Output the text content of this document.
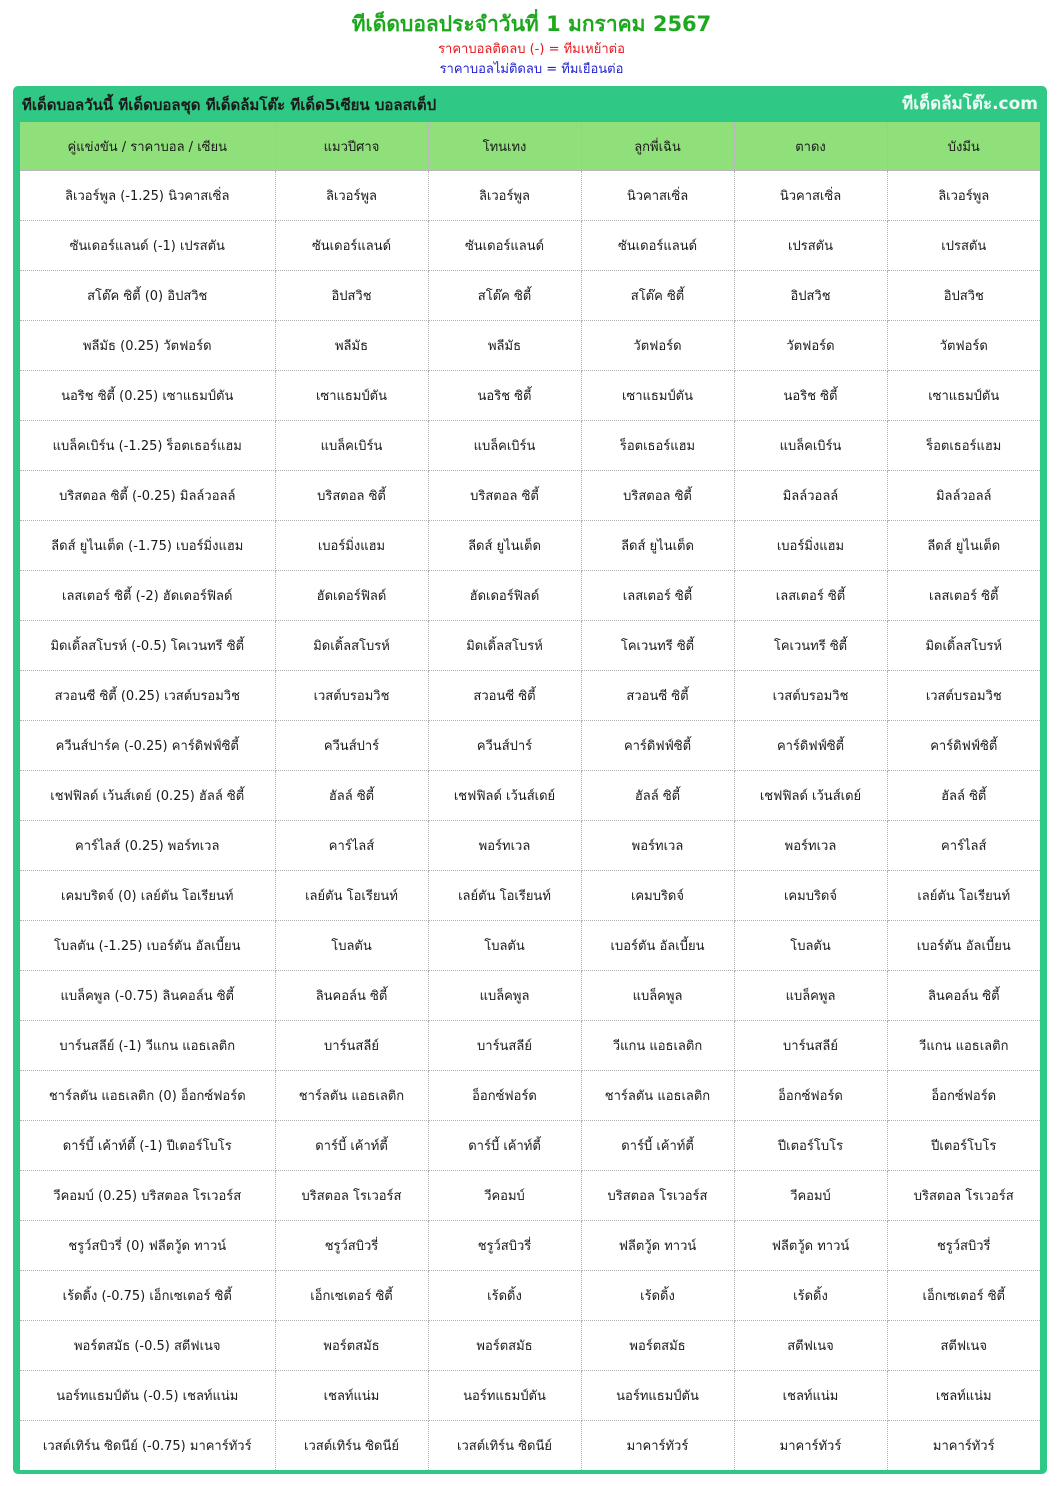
ทีเด็ดบอลประจำวันที่ 1 มกราคม 2567
ราคาบอลติดลบ (-) = ทีมเหย้าต่อ
ราคาบอลไม่ติดลบ = ทีมเยือนต่อ
ทีเด็ดบอลวันนี้ ทีเด็ดบอลชุด ทีเด็ดล้มโต๊ะ ทีเด็ด5เซียน บอลสเต็ป	ทีเด็ดล้มโต๊ะ.com
คู่แข่งขัน / ราคาบอล / เซียน	แมวปีศาจ	โทนเทง	ลูกพี่เฉิน	ตาดง	บังมีน
ลิเวอร์พูล (-1.25) นิวคาสเซิ่ล	ลิเวอร์พูล	ลิเวอร์พูล	นิวคาสเซิ่ล	นิวคาสเซิ่ล	ลิเวอร์พูล
ซันเดอร์แลนด์ (-1) เปรสตัน	ซันเดอร์แลนด์	ซันเดอร์แลนด์	ซันเดอร์แลนด์	เปรสตัน	เปรสตัน
สโต๊ค ซิตี้ (0) อิปสวิช	อิปสวิช	สโต๊ค ซิตี้	สโต๊ค ซิตี้	อิปสวิช	อิปสวิช
พลีมัธ (0.25) วัตฟอร์ด	พลีมัธ	พลีมัธ	วัตฟอร์ด	วัตฟอร์ด	วัตฟอร์ด
นอริช ซิตี้ (0.25) เซาแธมป์ตัน	เซาแธมป์ตัน	นอริช ซิตี้	เซาแธมป์ตัน	นอริช ซิตี้	เซาแธมป์ตัน
แบล็คเบิร์น (-1.25) ร็อตเธอร์แฮม	แบล็คเบิร์น	แบล็คเบิร์น	ร็อตเธอร์แฮม	แบล็คเบิร์น	ร็อตเธอร์แฮม
บริสตอล ซิตี้ (-0.25) มิลล์วอลล์	บริสตอล ซิตี้	บริสตอล ซิตี้	บริสตอล ซิตี้	มิลล์วอลล์	มิลล์วอลล์
ลีดส์ ยูไนเต็ด (-1.75) เบอร์มิ่งแฮม	เบอร์มิ่งแฮม	ลีดส์ ยูไนเต็ด	ลีดส์ ยูไนเต็ด	เบอร์มิ่งแฮม	ลีดส์ ยูไนเต็ด
เลสเตอร์ ซิตี้ (-2) ฮัดเดอร์ฟิลด์	ฮัดเดอร์ฟิลด์	ฮัดเดอร์ฟิลด์	เลสเตอร์ ซิตี้	เลสเตอร์ ซิตี้	เลสเตอร์ ซิตี้
มิดเดิ้ลสโบรห์ (-0.5) โคเวนทรี ซิตี้	มิดเดิ้ลสโบรห์	มิดเดิ้ลสโบรห์	โคเวนทรี ซิตี้	โคเวนทรี ซิตี้	มิดเดิ้ลสโบรห์
สวอนซี ซิตี้ (0.25) เวสต์บรอมวิช	เวสต์บรอมวิช	สวอนซี ซิตี้	สวอนซี ซิตี้	เวสต์บรอมวิช	เวสต์บรอมวิช
ควีนส์ปาร์ค (-0.25) คาร์ดิฟฟ์ซิตี้	ควีนส์ปาร์	ควีนส์ปาร์	คาร์ดิฟฟ์ซิตี้	คาร์ดิฟฟ์ซิตี้	คาร์ดิฟฟ์ซิตี้
เชฟฟิลด์ เว้นส์เดย์ (0.25) ฮัลล์ ซิตี้	ฮัลล์ ซิตี้	เชฟฟิลด์ เว้นส์เดย์	ฮัลล์ ซิตี้	เชฟฟิลด์ เว้นส์เดย์	ฮัลล์ ซิตี้
คาร์ไลส์ (0.25) พอร์ทเวล	คาร์ไลส์	พอร์ทเวล	พอร์ทเวล	พอร์ทเวล	คาร์ไลส์
เคมบริดจ์ (0) เลย์ตัน โอเรียนท์	เลย์ตัน โอเรียนท์	เลย์ตัน โอเรียนท์	เคมบริดจ์	เคมบริดจ์	เลย์ตัน โอเรียนท์
โบลตัน (-1.25) เบอร์ตัน อัลเบี้ยน	โบลตัน	โบลตัน	เบอร์ตัน อัลเบี้ยน	โบลตัน	เบอร์ตัน อัลเบี้ยน
แบล็คพูล (-0.75) ลินคอล์น ซิตี้	ลินคอล์น ซิตี้	แบล็คพูล	แบล็คพูล	แบล็คพูล	ลินคอล์น ซิตี้
บาร์นสลีย์ (-1) วีแกน แอธเลติก	บาร์นสลีย์	บาร์นสลีย์	วีแกน แอธเลติก	บาร์นสลีย์	วีแกน แอธเลติก
ชาร์ลตัน แอธเลติก (0) อ็อกซ์ฟอร์ด	ชาร์ลตัน แอธเลติก	อ็อกซ์ฟอร์ด	ชาร์ลตัน แอธเลติก	อ็อกซ์ฟอร์ด	อ็อกซ์ฟอร์ด
ดาร์บี้ เค้าท์ตี้ (-1) ปีเตอร์โบโร	ดาร์บี้ เค้าท์ตี้	ดาร์บี้ เค้าท์ตี้	ดาร์บี้ เค้าท์ตี้	ปีเตอร์โบโร	ปีเตอร์โบโร
วีคอมบ์ (0.25) บริสตอล โรเวอร์ส	บริสตอล โรเวอร์ส	วีคอมบ์	บริสตอล โรเวอร์ส	วีคอมบ์	บริสตอล โรเวอร์ส
ชรูว์สบิวรี่ (0) ฟลีตวู้ด ทาวน์	ชรูว์สบิวรี่	ชรูว์สบิวรี่	ฟลีตวู้ด ทาวน์	ฟลีตวู้ด ทาวน์	ชรูว์สบิวรี่
เร้ดดิ้ง (-0.75) เอ็กเซเตอร์ ซิตี้	เอ็กเซเตอร์ ซิตี้	เร้ดดิ้ง	เร้ดดิ้ง	เร้ดดิ้ง	เอ็กเซเตอร์ ซิตี้
พอร์ตสมัธ (-0.5) สตีฟเนจ	พอร์ตสมัธ	พอร์ตสมัธ	พอร์ตสมัธ	สตีฟเนจ	สตีฟเนจ
นอร์ทแธมป์ตัน (-0.5) เชลท์แน่ม	เชลท์แน่ม	นอร์ทแธมป์ตัน	นอร์ทแธมป์ตัน	เชลท์แน่ม	เชลท์แน่ม
เวสต์เทิร์น ซิดนีย์ (-0.75) มาคาร์ทัวร์	เวสต์เทิร์น ซิดนีย์	เวสต์เทิร์น ซิดนีย์	มาคาร์ทัวร์	มาคาร์ทัวร์	มาคาร์ทัวร์
